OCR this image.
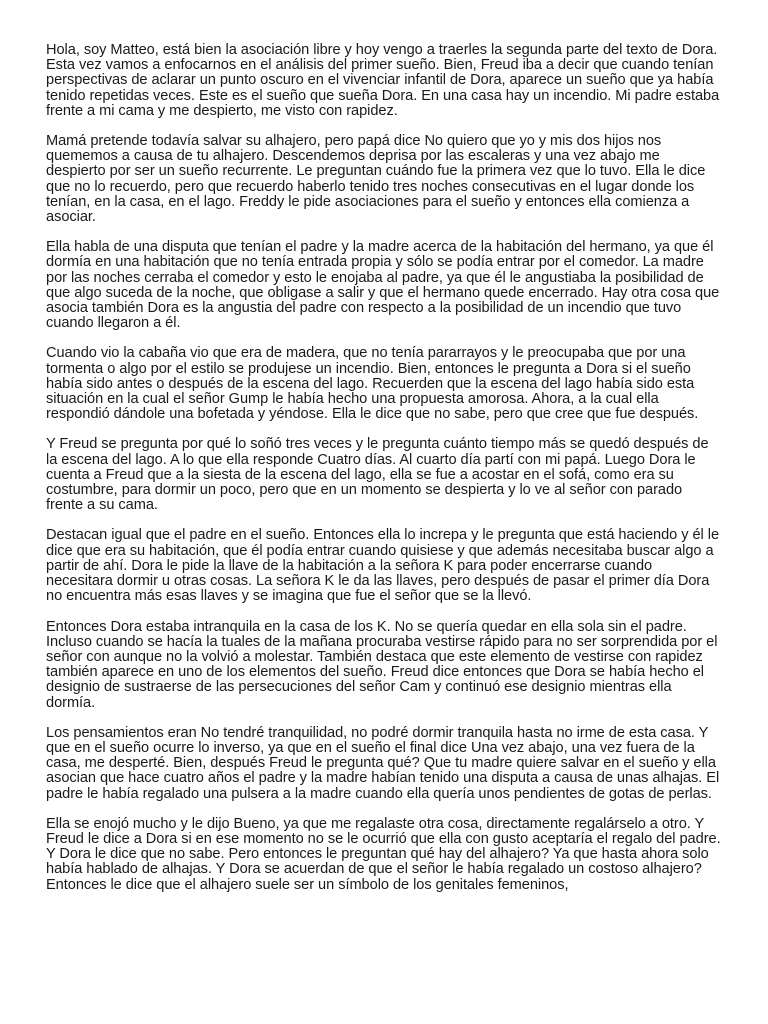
Hola, soy Matteo, está bien la asociación libre y hoy vengo a traerles la segunda parte del texto de Dora. Esta vez vamos a enfocarnos en el análisis del primer sueño. Bien, Freud iba a decir que cuando tenían perspectivas de aclarar un punto oscuro en el vivenciar infantil de Dora, aparece un sueño que ya había tenido repetidas veces. Este es el sueño que sueña Dora. En una casa hay un incendio. Mi padre estaba frente a mi cama y me despierto, me visto con rapidez.

Mamá pretende todavía salvar su alhajero, pero papá dice No quiero que yo y mis dos hijos nos quememos a causa de tu alhajero. Descendemos deprisa por las escaleras y una vez abajo me despierto por ser un sueño recurrente. Le preguntan cuándo fue la primera vez que lo tuvo. Ella le dice que no lo recuerdo, pero que recuerdo haberlo tenido tres noches consecutivas en el lugar donde los tenían, en la casa, en el lago. Freddy le pide asociaciones para el sueño y entonces ella comienza a asociar.

Ella habla de una disputa que tenían el padre y la madre acerca de la habitación del hermano, ya que él dormía en una habitación que no tenía entrada propia y sólo se podía entrar por el comedor. La madre por las noches cerraba el comedor y esto le enojaba al padre, ya que él le angustiaba la posibilidad de que algo suceda de la noche, que obligase a salir y que el hermano quede encerrado. Hay otra cosa que asocia también Dora es la angustia del padre con respecto a la posibilidad de un incendio que tuvo cuando llegaron a él.

Cuando vio la cabaña vio que era de madera, que no tenía pararrayos y le preocupaba que por una tormenta o algo por el estilo se produjese un incendio. Bien, entonces le pregunta a Dora si el sueño había sido antes o después de la escena del lago. Recuerden que la escena del lago había sido esta situación en la cual el señor Gump le había hecho una propuesta amorosa. Ahora, a la cual ella respondió dándole una bofetada y yéndose. Ella le dice que no sabe, pero que cree que fue después.

Y Freud se pregunta por qué lo soñó tres veces y le pregunta cuánto tiempo más se quedó después de la escena del lago. A lo que ella responde Cuatro días. Al cuarto día partí con mi papá. Luego Dora le cuenta a Freud que a la siesta de la escena del lago, ella se fue a acostar en el sofá, como era su costumbre, para dormir un poco, pero que en un momento se despierta y lo ve al señor con parado frente a su cama.

Destacan igual que el padre en el sueño. Entonces ella lo increpa y le pregunta que está haciendo y él le dice que era su habitación, que él podía entrar cuando quisiese y que además necesitaba buscar algo a partir de ahí. Dora le pide la llave de la habitación a la señora K para poder encerrarse cuando necesitara dormir u otras cosas. La señora K le da las llaves, pero después de pasar el primer día Dora no encuentra más esas llaves y se imagina que fue el señor que se la llevó.

Entonces Dora estaba intranquila en la casa de los K. No se quería quedar en ella sola sin el padre. Incluso cuando se hacía la tuales de la mañana procuraba vestirse rápido para no ser sorprendida por el señor con aunque no la volvió a molestar. También destaca que este elemento de vestirse con rapidez también aparece en uno de los elementos del sueño. Freud dice entonces que Dora se había hecho el designio de sustraerse de las persecuciones del señor Cam y continuó ese designio mientras ella dormía.

Los pensamientos eran No tendré tranquilidad, no podré dormir tranquila hasta no irme de esta casa. Y que en el sueño ocurre lo inverso, ya que en el sueño el final dice Una vez abajo, una vez fuera de la casa, me desperté. Bien, después Freud le pregunta qué? Que tu madre quiere salvar en el sueño y ella asocian que hace cuatro años el padre y la madre habían tenido una disputa a causa de unas alhajas. El padre le había regalado una pulsera a la madre cuando ella quería unos pendientes de gotas de perlas.

Ella se enojó mucho y le dijo Bueno, ya que me regalaste otra cosa, directamente regalárselo a otro. Y Freud le dice a Dora si en ese momento no se le ocurrió que ella con gusto aceptaría el regalo del padre. Y Dora le dice que no sabe. Pero entonces le preguntan qué hay del alhajero? Ya que hasta ahora solo había hablado de alhajas. Y Dora se acuerdan de que el señor le había regalado un costoso alhajero? Entonces le dice que el alhajero suele ser un símbolo de los genitales femeninos,
